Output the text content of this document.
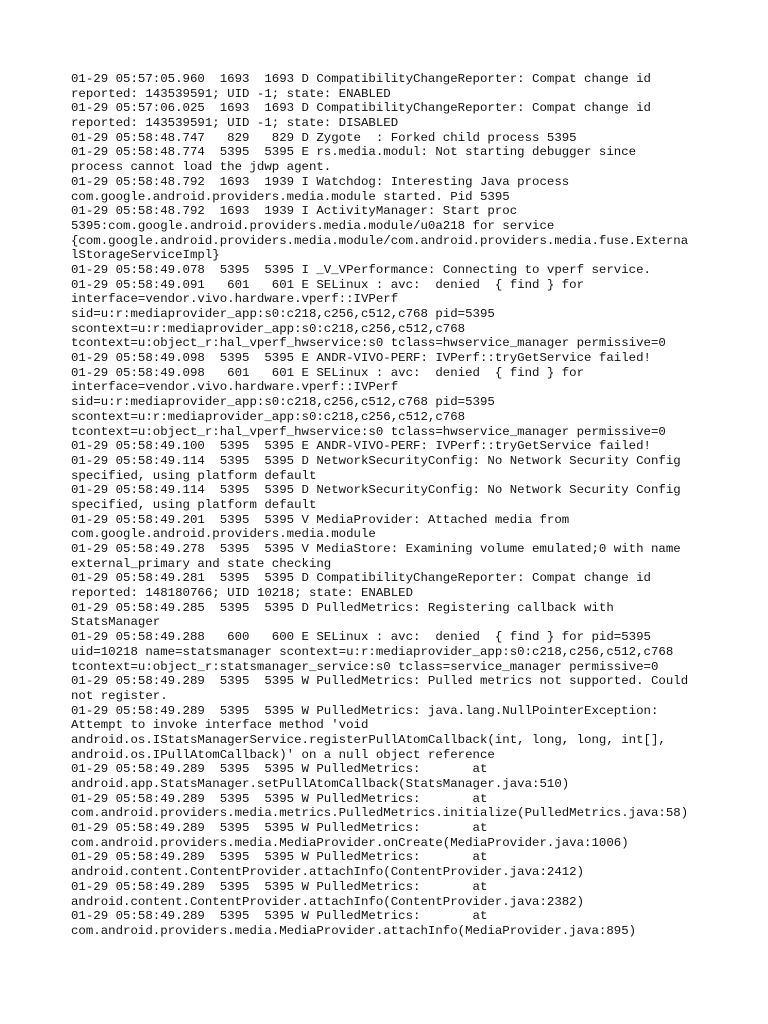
01-29 05:57:05.960  1693  1693 D CompatibilityChangeReporter: Compat change id
reported: 143539591; UID -1; state: ENABLED
01-29 05:57:06.025  1693  1693 D CompatibilityChangeReporter: Compat change id
reported: 143539591; UID -1; state: DISABLED
01-29 05:58:48.747   829   829 D Zygote  : Forked child process 5395
01-29 05:58:48.774  5395  5395 E rs.media.modul: Not starting debugger since
process cannot load the jdwp agent.
01-29 05:58:48.792  1693  1939 I Watchdog: Interesting Java process
com.google.android.providers.media.module started. Pid 5395
01-29 05:58:48.792  1693  1939 I ActivityManager: Start proc
5395:com.google.android.providers.media.module/u0a218 for service
{com.google.android.providers.media.module/com.android.providers.media.fuse.Externa
lStorageServiceImpl}
01-29 05:58:49.078  5395  5395 I _V_VPerformance: Connecting to vperf service.
01-29 05:58:49.091   601   601 E SELinux : avc:  denied  { find } for
interface=vendor.vivo.hardware.vperf::IVPerf
sid=u:r:mediaprovider_app:s0:c218,c256,c512,c768 pid=5395
scontext=u:r:mediaprovider_app:s0:c218,c256,c512,c768
tcontext=u:object_r:hal_vperf_hwservice:s0 tclass=hwservice_manager permissive=0
01-29 05:58:49.098  5395  5395 E ANDR-VIVO-PERF: IVPerf::tryGetService failed!
01-29 05:58:49.098   601   601 E SELinux : avc:  denied  { find } for
interface=vendor.vivo.hardware.vperf::IVPerf
sid=u:r:mediaprovider_app:s0:c218,c256,c512,c768 pid=5395
scontext=u:r:mediaprovider_app:s0:c218,c256,c512,c768
tcontext=u:object_r:hal_vperf_hwservice:s0 tclass=hwservice_manager permissive=0
01-29 05:58:49.100  5395  5395 E ANDR-VIVO-PERF: IVPerf::tryGetService failed!
01-29 05:58:49.114  5395  5395 D NetworkSecurityConfig: No Network Security Config
specified, using platform default
01-29 05:58:49.114  5395  5395 D NetworkSecurityConfig: No Network Security Config
specified, using platform default
01-29 05:58:49.201  5395  5395 V MediaProvider: Attached media from
com.google.android.providers.media.module
01-29 05:58:49.278  5395  5395 V MediaStore: Examining volume emulated;0 with name
external_primary and state checking
01-29 05:58:49.281  5395  5395 D CompatibilityChangeReporter: Compat change id
reported: 148180766; UID 10218; state: ENABLED
01-29 05:58:49.285  5395  5395 D PulledMetrics: Registering callback with
StatsManager
01-29 05:58:49.288   600   600 E SELinux : avc:  denied  { find } for pid=5395
uid=10218 name=statsmanager scontext=u:r:mediaprovider_app:s0:c218,c256,c512,c768
tcontext=u:object_r:statsmanager_service:s0 tclass=service_manager permissive=0
01-29 05:58:49.289  5395  5395 W PulledMetrics: Pulled metrics not supported. Could
not register.
01-29 05:58:49.289  5395  5395 W PulledMetrics: java.lang.NullPointerException:
Attempt to invoke interface method 'void
android.os.IStatsManagerService.registerPullAtomCallback(int, long, long, int[],
android.os.IPullAtomCallback)' on a null object reference
01-29 05:58:49.289  5395  5395 W PulledMetrics:       at
android.app.StatsManager.setPullAtomCallback(StatsManager.java:510)
01-29 05:58:49.289  5395  5395 W PulledMetrics:       at
com.android.providers.media.metrics.PulledMetrics.initialize(PulledMetrics.java:58)
01-29 05:58:49.289  5395  5395 W PulledMetrics:       at
com.android.providers.media.MediaProvider.onCreate(MediaProvider.java:1006)
01-29 05:58:49.289  5395  5395 W PulledMetrics:       at
android.content.ContentProvider.attachInfo(ContentProvider.java:2412)
01-29 05:58:49.289  5395  5395 W PulledMetrics:       at
android.content.ContentProvider.attachInfo(ContentProvider.java:2382)
01-29 05:58:49.289  5395  5395 W PulledMetrics:       at
com.android.providers.media.MediaProvider.attachInfo(MediaProvider.java:895)
